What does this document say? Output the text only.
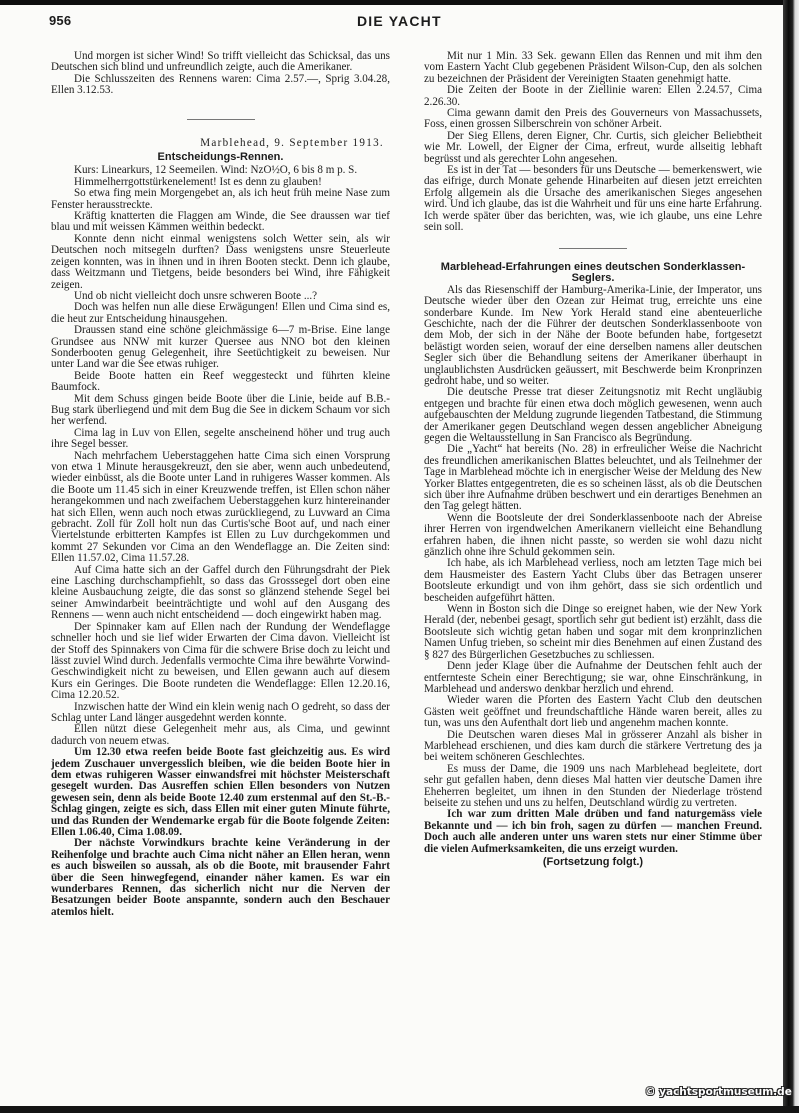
956	DIE YACHT

Und morgen ist sicher Wind! So trifft vielleicht das Schicksal, das uns Deutschen sich blind und unfreundlich zeigte, auch die Amerikaner.

Die Schlusszeiten des Rennens waren: Cima 2.57.—, Sprig 3.04.28, Ellen 3.12.53.

Marblehead, 9. September 1913.
Entscheidungs-Rennen.

Kurs: Linearkurs, 12 Seemeilen. Wind: NzO½O, 6 bis 8 m p. S.

Himmelherrgottstürkenelement! Ist es denn zu glauben!

So etwa fing mein Morgengebet an, als ich heut früh meine Nase zum Fenster herausstreckte.

Kräftig knatterten die Flaggen am Winde, die See draussen war tief blau und mit weissen Kämmen weithin bedeckt.

Konnte denn nicht einmal wenigstens solch Wetter sein, als wir Deutschen noch mitsegeln durften? Dass wenigstens unsre Steuerleute zeigen konnten, was in ihnen und in ihren Booten steckt. Denn ich glaube, dass Weitzmann und Tietgens, beide besonders bei Wind, ihre Fähigkeit zeigen.

Und ob nicht vielleicht doch unsre schweren Boote ...?

Doch was helfen nun alle diese Erwägungen! Ellen und Cima sind es, die heut zur Entscheidung hinausgehen.

Draussen stand eine schöne gleichmässige 6—7 m-Brise. Eine lange Grundsee aus NNW mit kurzer Quersee aus NNO bot den kleinen Sonderbooten genug Gelegenheit, ihre Seetüchtigkeit zu beweisen. Nur unter Land war die See etwas ruhiger.

Beide Boote hatten ein Reef weggesteckt und führten kleine Baumfock.

Mit dem Schuss gingen beide Boote über die Linie, beide auf B.B.-Bug stark überliegend und mit dem Bug die See in dickem Schaum vor sich her werfend.

Cima lag in Luv von Ellen, segelte anscheinend höher und trug auch ihre Segel besser.

Nach mehrfachem Ueberstaggehen hatte Cima sich einen Vorsprung von etwa 1 Minute herausgekreuzt, den sie aber, wenn auch unbedeutend, wieder einbüsst, als die Boote unter Land in ruhigeres Wasser kommen. Als die Boote um 11.45 sich in einer Kreuzwende treffen, ist Ellen schon näher herangekommen und nach zweifachem Ueberstaggehen kurz hintereinander hat sich Ellen, wenn auch noch etwas zurückliegend, zu Luvward an Cima gebracht. Zoll für Zoll holt nun das Curtis'sche Boot auf, und nach einer Viertelstunde erbitterten Kampfes ist Ellen zu Luv durchgekommen und kommt 27 Sekunden vor Cima an den Wendeflagge an. Die Zeiten sind: Ellen 11.57.02, Cima 11.57.28.

Auf Cima hatte sich an der Gaffel durch den Führungsdraht der Piek eine Lasching durchschampfiehlt, so dass das Grosssegel dort oben eine kleine Ausbauchung zeigte, die das sonst so glänzend stehende Segel bei seiner Amwindarbeit beeinträchtigte und wohl auf den Ausgang des Rennens — wenn auch nicht entscheidend — doch eingewirkt haben mag.

Der Spinnaker kam auf Ellen nach der Rundung der Wendeflagge schneller hoch und sie lief wider Erwarten der Cima davon. Vielleicht ist der Stoff des Spinnakers von Cima für die schwere Brise doch zu leicht und lässt zuviel Wind durch. Jedenfalls vermochte Cima ihre bewährte Vorwind-Geschwindigkeit nicht zu beweisen, und Ellen gewann auch auf diesem Kurs ein Geringes. Die Boote rundeten die Wendeflagge: Ellen 12.20.16, Cima 12.20.52.

Inzwischen hatte der Wind ein klein wenig nach O gedreht, so dass der Schlag unter Land länger ausgedehnt werden konnte.

Ellen nützt diese Gelegenheit mehr aus, als Cima, und gewinnt dadurch von neuem etwas.

Um 12.30 etwa reefen beide Boote fast gleichzeitig aus. Es wird jedem Zuschauer unvergesslich bleiben, wie die beiden Boote hier in dem etwas ruhigeren Wasser einwandsfrei mit höchster Meisterschaft gesegelt wurden. Das Ausreffen schien Ellen besonders von Nutzen gewesen sein, denn als beide Boote 12.40 zum erstenmal auf den St.-B.-Schlag gingen, zeigte es sich, dass Ellen mit einer guten Minute führte, und das Runden der Wendemarke ergab für die Boote folgende Zeiten: Ellen 1.06.40, Cima 1.08.09.

Der nächste Vorwindkurs brachte keine Veränderung in der Reihenfolge und brachte auch Cima nicht näher an Ellen heran, wenn es auch bisweilen so aussah, als ob die Boote, mit brausender Fahrt über die Seen hinwegfegend, einander näher kamen. Es war ein wunderbares Rennen, das sicherlich nicht nur die Nerven der Besatzungen beider Boote anspannte, sondern auch den Beschauer atemlos hielt.

Mit nur 1 Min. 33 Sek. gewann Ellen das Rennen und mit ihm den vom Eastern Yacht Club gegebenen Präsident Wilson-Cup, den als solchen zu bezeichnen der Präsident der Vereinigten Staaten genehmigt hatte.

Die Zeiten der Boote in der Ziellinie waren: Ellen 2.24.57, Cima 2.26.30.

Cima gewann damit den Preis des Gouverneurs von Massachussets, Foss, einen grossen Silberschrein von schöner Arbeit.

Der Sieg Ellens, deren Eigner, Chr. Curtis, sich gleicher Beliebtheit wie Mr. Lowell, der Eigner der Cima, erfreut, wurde allseitig lebhaft begrüsst und als gerechter Lohn angesehen.

Es ist in der Tat — besonders für uns Deutsche — bemerkenswert, wie das eifrige, durch Monate gehende Hinarbeiten auf diesen jetzt erreichten Erfolg allgemein als die Ursache des amerikanischen Sieges angesehen wird. Und ich glaube, das ist die Wahrheit und für uns eine harte Erfahrung. Ich werde später über das berichten, was, wie ich glaube, uns eine Lehre sein soll.

Marblehead-Erfahrungen eines deutschen Sonderklassen-Seglers.

Als das Riesenschiff der Hamburg-Amerika-Linie, der Imperator, uns Deutsche wieder über den Ozean zur Heimat trug, erreichte uns eine sonderbare Kunde. Im New York Herald stand eine abenteuerliche Geschichte, nach der die Führer der deutschen Sonderklassenboote von dem Mob, der sich in der Nähe der Boote befunden habe, fortgesetzt belästigt worden seien, worauf der eine derselben namens aller deutschen Segler sich über die Behandlung seitens der Amerikaner überhaupt in unglaublichsten Ausdrücken geäussert, mit Beschwerde beim Kronprinzen gedroht habe, und so weiter.

Die deutsche Presse trat dieser Zeitungsnotiz mit Recht ungläubig entgegen und brachte für einen etwa doch möglich gewesenen, wenn auch aufgebauschten der Meldung zugrunde liegenden Tatbestand, die Stimmung der Amerikaner gegen Deutschland wegen dessen angeblicher Abneigung gegen die Weltausstellung in San Francisco als Begründung.

Die „Yacht“ hat bereits (No. 28) in erfreulicher Weise die Nachricht des freundlichen amerikanischen Blattes beleuchtet, und als Teilnehmer der Tage in Marblehead möchte ich in energischer Weise der Meldung des New Yorker Blattes entgegentreten, die es so scheinen lässt, als ob die Deutschen sich über ihre Aufnahme drüben beschwert und ein derartiges Benehmen an den Tag gelegt hätten.

Wenn die Bootsleute der drei Sonderklassenboote nach der Abreise ihrer Herren von irgendwelchen Amerikanern vielleicht eine Behandlung erfahren haben, die ihnen nicht passte, so werden sie wohl dazu nicht gänzlich ohne ihre Schuld gekommen sein.

Ich habe, als ich Marblehead verliess, noch am letzten Tage mich bei dem Hausmeister des Eastern Yacht Clubs über das Betragen unserer Bootsleute erkundigt und von ihm gehört, dass sie sich ordentlich und bescheiden aufgeführt hätten.

Wenn in Boston sich die Dinge so ereignet haben, wie der New York Herald (der, nebenbei gesagt, sportlich sehr gut bedient ist) erzählt, dass die Bootsleute sich wichtig getan haben und sogar mit dem kronprinzlichen Namen Unfug trieben, so scheint mir dies Benehmen auf einen Zustand des § 827 des Bürgerlichen Gesetzbuches zu schliessen.

Denn jeder Klage über die Aufnahme der Deutschen fehlt auch der entfernteste Schein einer Berechtigung; sie war, ohne Einschränkung, in Marblehead und anderswo denkbar herzlich und ehrend.

Wieder waren die Pforten des Eastern Yacht Club den deutschen Gästen weit geöffnet und freundschaftliche Hände waren bereit, alles zu tun, was uns den Aufenthalt dort lieb und angenehm machen konnte.

Die Deutschen waren dieses Mal in grösserer Anzahl als bisher in Marblehead erschienen, und dies kam durch die stärkere Vertretung des ja bei weitem schöneren Geschlechtes.

Es muss der Dame, die 1909 uns nach Marblehead begleitete, dort sehr gut gefallen haben, denn dieses Mal hatten vier deutsche Damen ihre Eheherren begleitet, um ihnen in den Stunden der Niederlage tröstend beiseite zu stehen und uns zu helfen, Deutschland würdig zu vertreten.

Ich war zum dritten Male drüben und fand naturgemäss viele Bekannte und — ich bin froh, sagen zu dürfen — manchen Freund. Doch auch alle anderen unter uns waren stets nur einer Stimme über die vielen Aufmerksamkeiten, die uns erzeigt wurden.

(Fortsetzung folgt.)
© yachtsportmuseum.de
